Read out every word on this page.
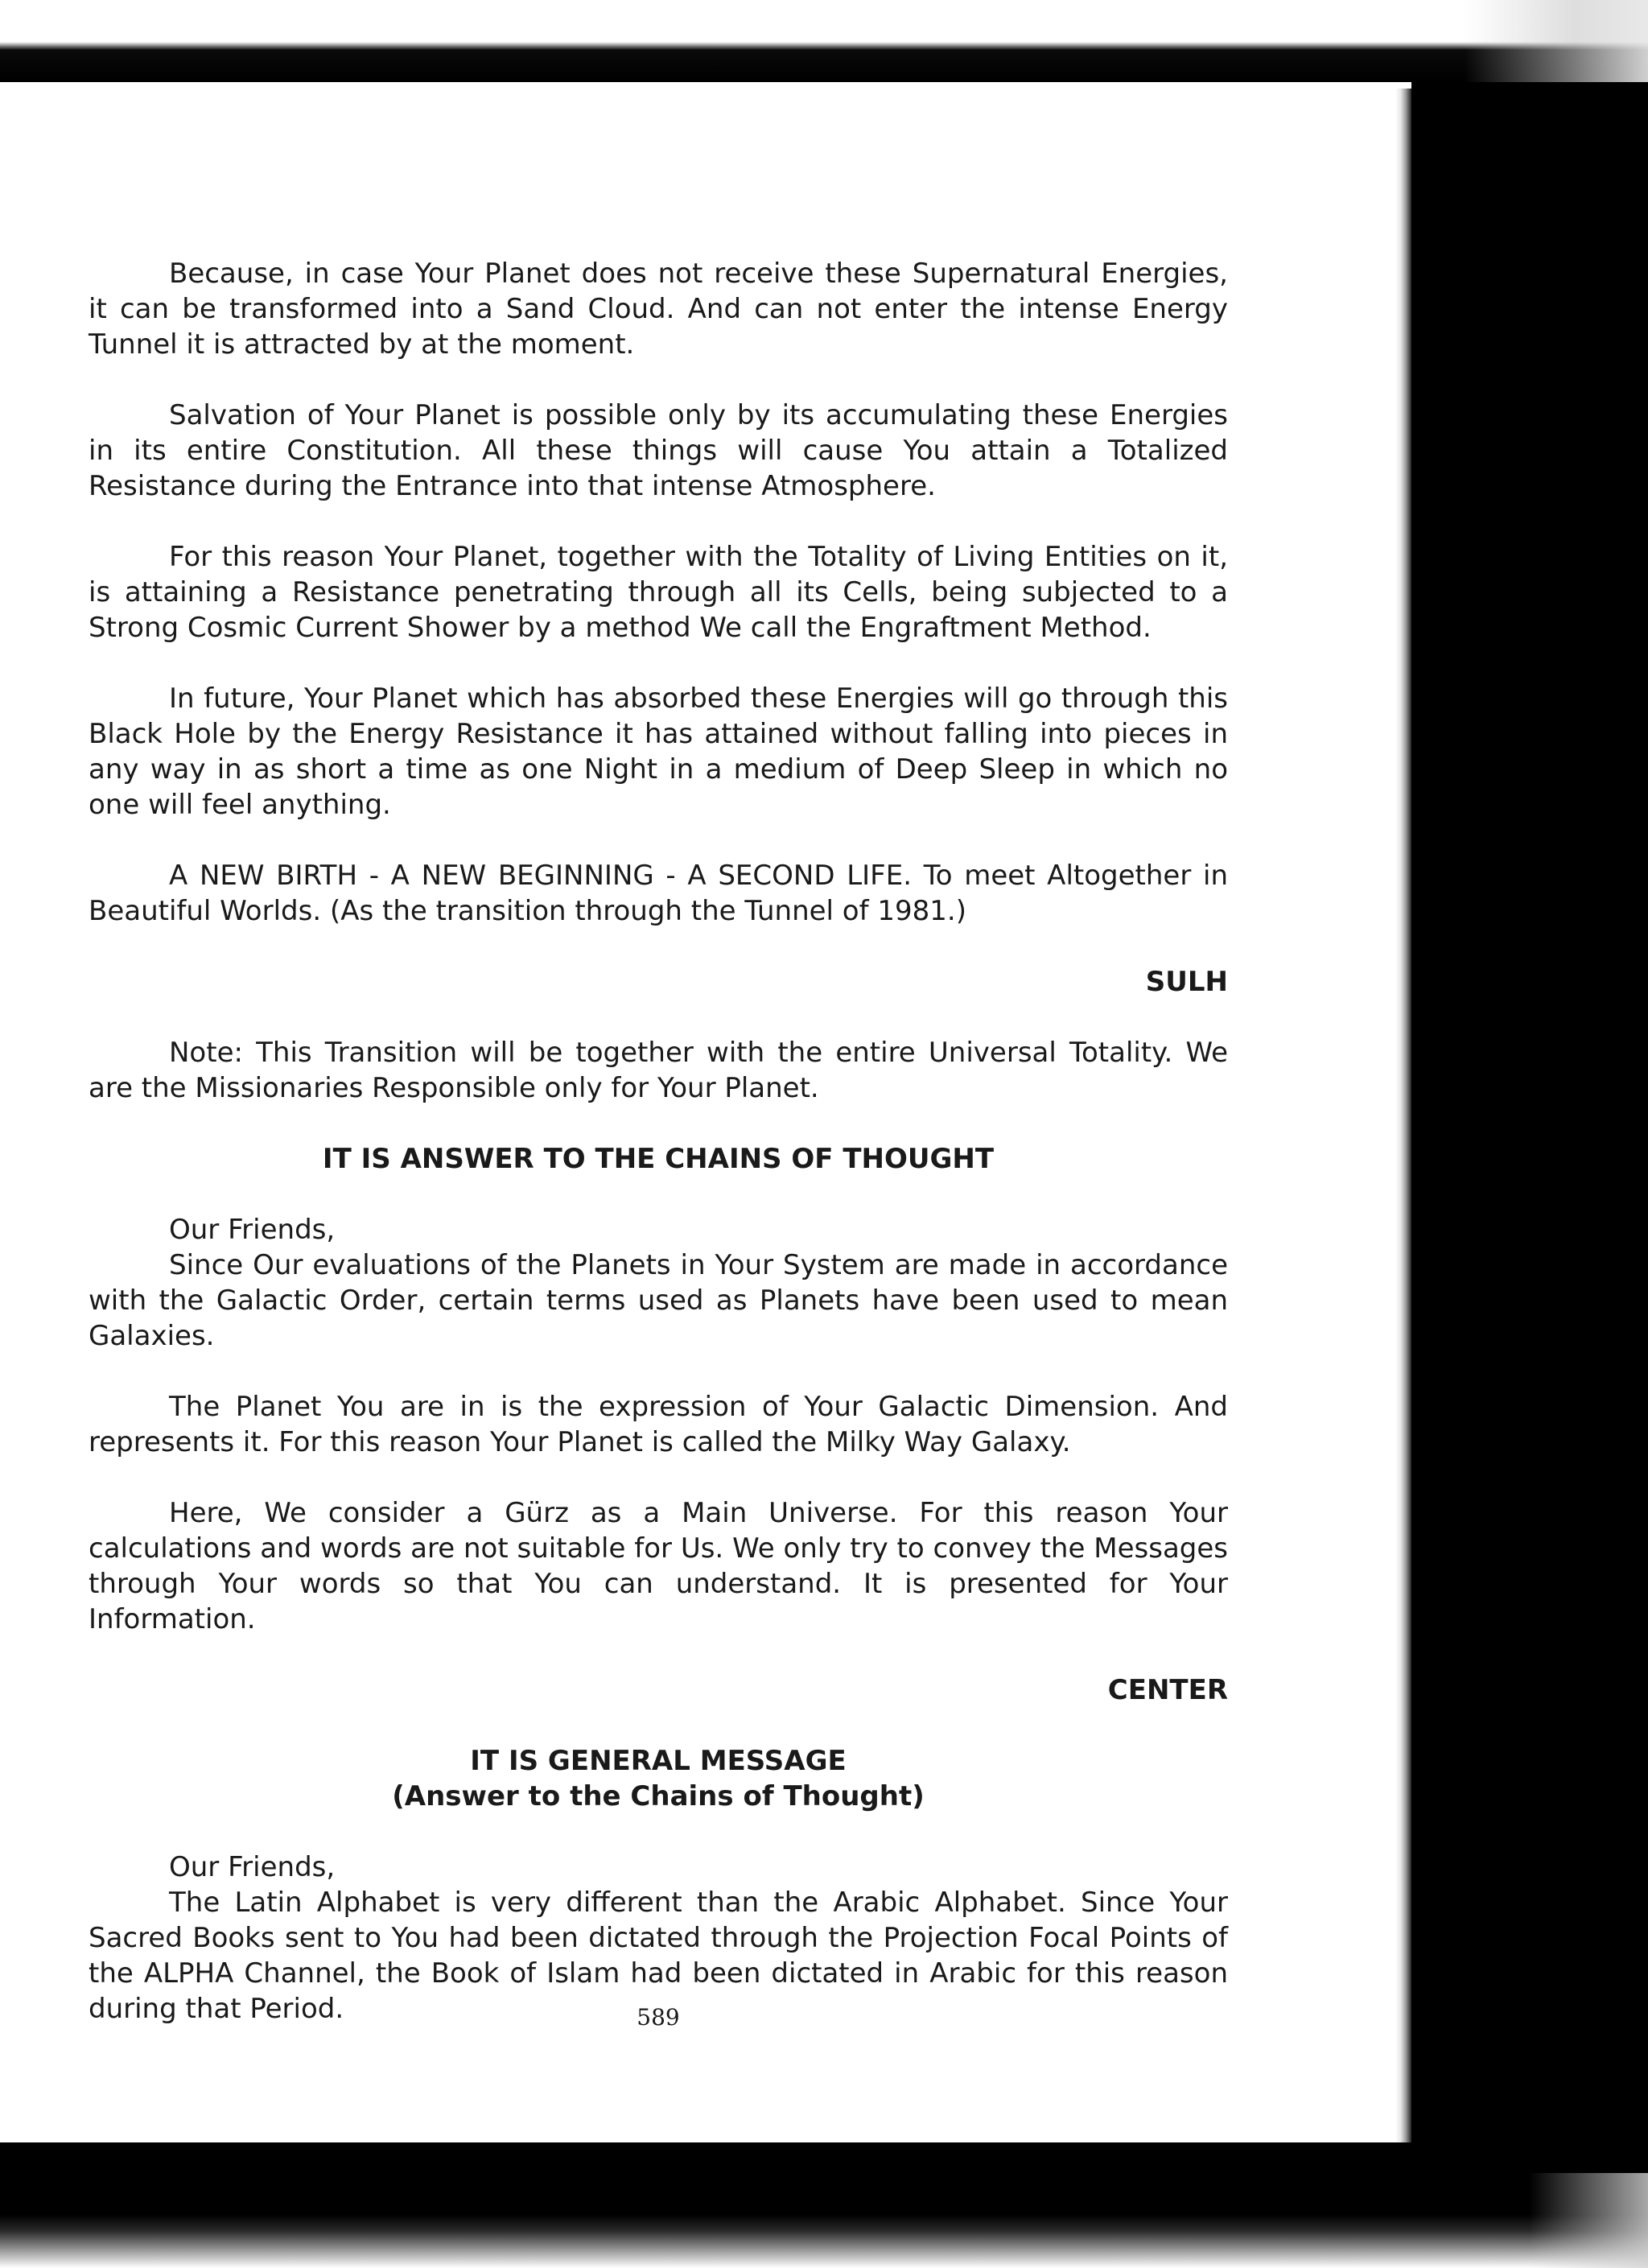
Because, in case Your Planet does not receive these Supernatural Energies, it can be transformed into a Sand Cloud. And can not enter the intense Energy Tunnel it is attracted by at the moment.

Salvation of Your Planet is possible only by its accumulating these Energies in its entire Constitution. All these things will cause You attain a Totalized Resistance during the Entrance into that intense Atmosphere.

For this reason Your Planet, together with the Totality of Living Entities on it, is attaining a Resistance penetrating through all its Cells, being subjected to a Strong Cosmic Current Shower by a method We call the Engraftment Method.

In future, Your Planet which has absorbed these Energies will go through this Black Hole by the Energy Resistance it has attained without falling into pieces in any way in as short a time as one Night in a medium of Deep Sleep in which no one will feel anything.

A NEW BIRTH - A NEW BEGINNING - A SECOND LIFE. To meet Altogether in Beautiful Worlds. (As the transition through the Tunnel of 1981.)

SULH

Note: This Transition will be together with the entire Universal Totality. We are the Missionaries Responsible only for Your Planet.

IT IS ANSWER TO THE CHAINS OF THOUGHT
Our Friends,

Since Our evaluations of the Planets in Your System are made in accordance with the Galactic Order, certain terms used as Planets have been used to mean Galaxies.

The Planet You are in is the expression of Your Galactic Dimension. And represents it. For this reason Your Planet is called the Milky Way Galaxy.

Here, We consider a Gürz as a Main Universe. For this reason Your calculations and words are not suitable for Us. We only try to convey the Messages through Your words so that You can understand. It is presented for Your Information.

CENTER
IT IS GENERAL MESSAGE
(Answer to the Chains of Thought)
Our Friends,

The Latin Alphabet is very different than the Arabic Alphabet. Since Your Sacred Books sent to You had been dictated through the Projection Focal Points of the ALPHA Channel, the Book of Islam had been dictated in Arabic for this reason during that Period.	589
